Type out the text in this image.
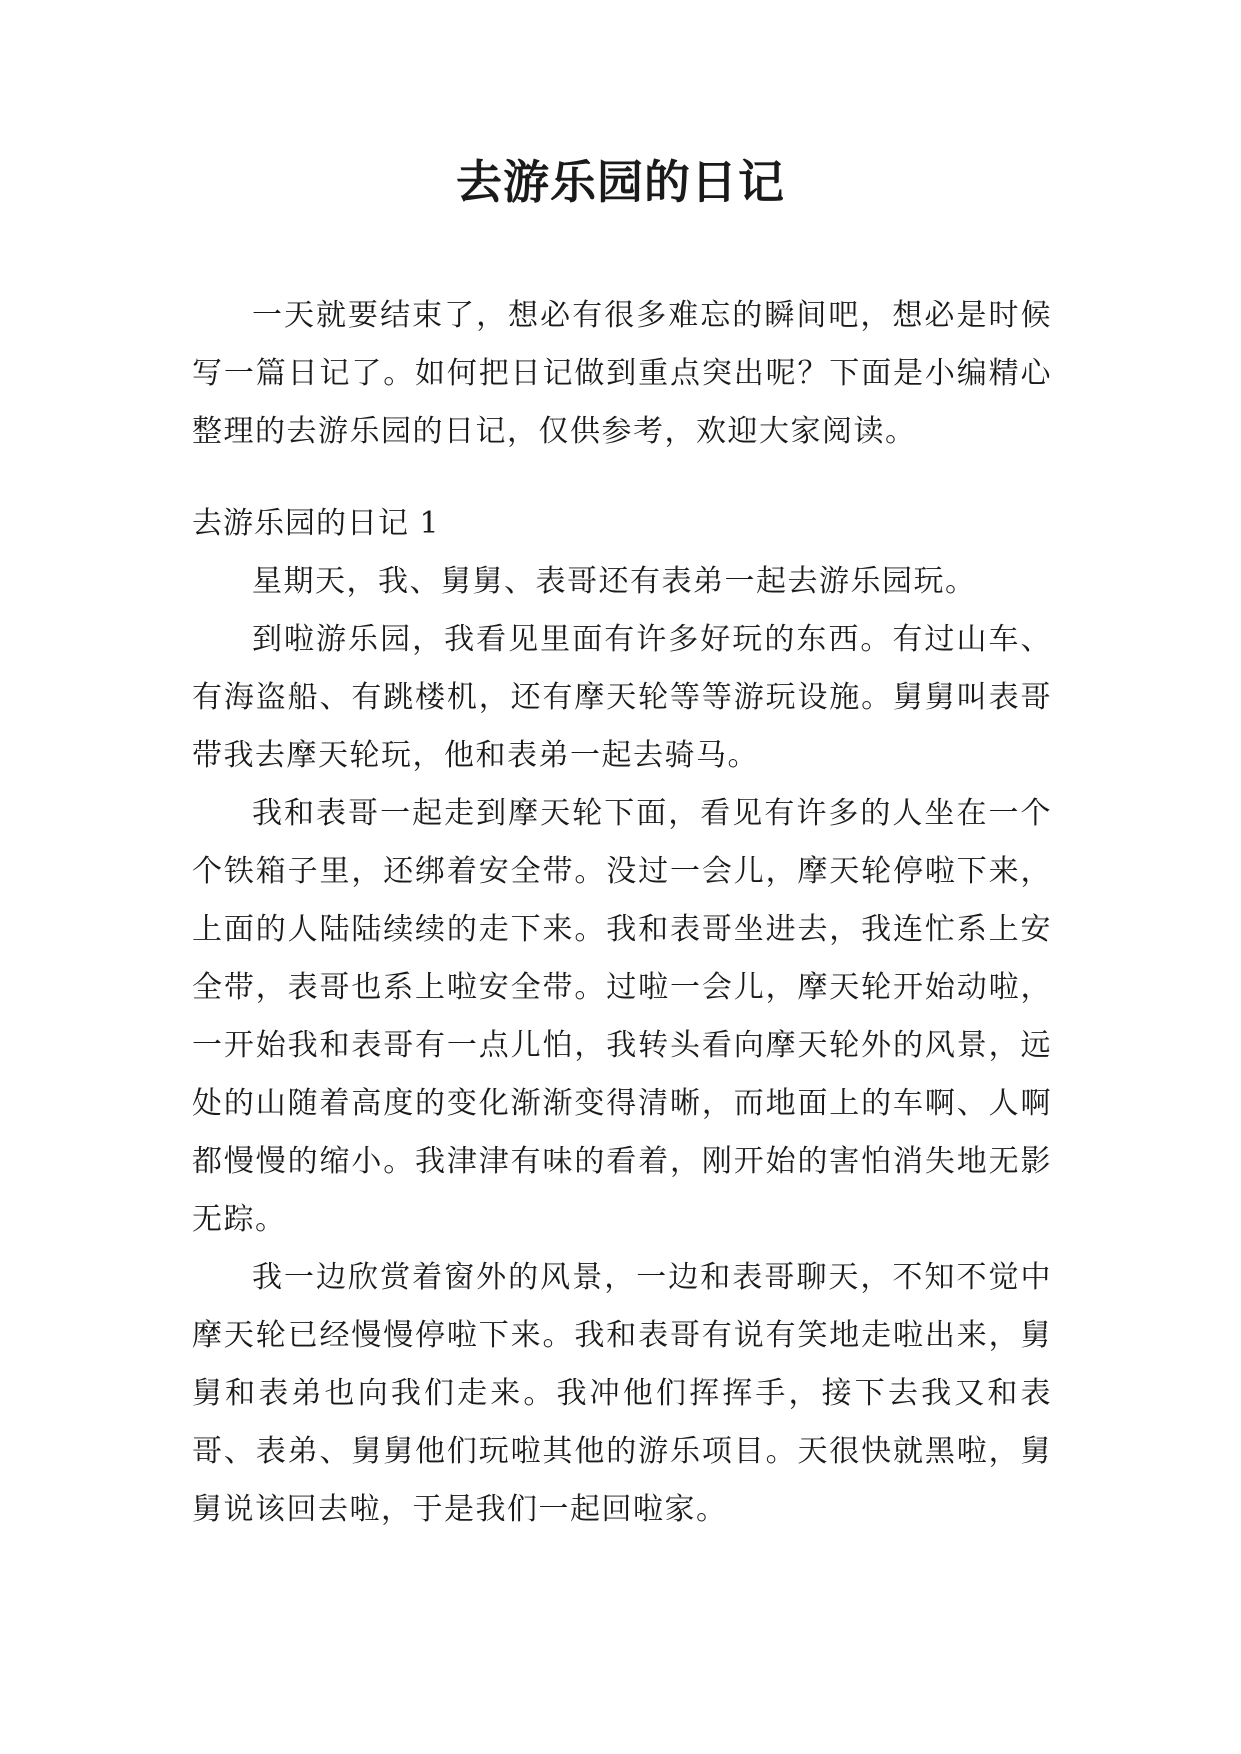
去游乐园的日记

一天就要结束了，想必有很多难忘的瞬间吧，想必是时候写一篇日记了。如何把日记做到重点突出呢？下面是小编精心整理的去游乐园的日记，仅供参考，欢迎大家阅读。

去游乐园的日记 1

星期天，我、舅舅、表哥还有表弟一起去游乐园玩。

到啦游乐园，我看见里面有许多好玩的东西。有过山车、有海盗船、有跳楼机，还有摩天轮等等游玩设施。舅舅叫表哥带我去摩天轮玩，他和表弟一起去骑马。

我和表哥一起走到摩天轮下面，看见有许多的人坐在一个个铁箱子里，还绑着安全带。没过一会儿，摩天轮停啦下来，上面的人陆陆续续的走下来。我和表哥坐进去，我连忙系上安全带，表哥也系上啦安全带。过啦一会儿，摩天轮开始动啦，一开始我和表哥有一点儿怕，我转头看向摩天轮外的风景，远处的山随着高度的变化渐渐变得清晰，而地面上的车啊、人啊都慢慢的缩小。我津津有味的看着，刚开始的害怕消失地无影无踪。

我一边欣赏着窗外的风景，一边和表哥聊天，不知不觉中摩天轮已经慢慢停啦下来。我和表哥有说有笑地走啦出来，舅舅和表弟也向我们走来。我冲他们挥挥手，接下去我又和表哥、表弟、舅舅他们玩啦其他的游乐项目。天很快就黑啦，舅舅说该回去啦，于是我们一起回啦家。
